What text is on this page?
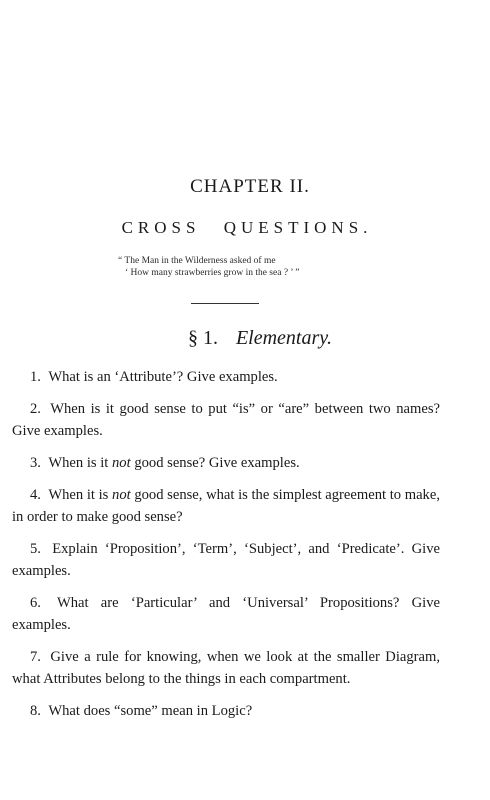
CHAPTER II.
CROSS QUESTIONS.
“ The Man in the Wilderness asked of me
‘ How many strawberries grow in the sea ? ’ ”
§ 1. Elementary.

1. What is an ‘Attribute’? Give examples.

2. When is it good sense to put “is” or “are” between two names? Give examples.

3. When is it not good sense? Give examples.

4. When it is not good sense, what is the simplest agreement to make, in order to make good sense?

5. Explain ‘Proposition’, ‘Term’, ‘Subject’, and ‘Predicate’. Give examples.

6. What are ‘Particular’ and ‘Universal’ Propositions? Give examples.

7. Give a rule for knowing, when we look at the smaller Diagram, what Attributes belong to the things in each compartment.

8. What does “some” mean in Logic?
